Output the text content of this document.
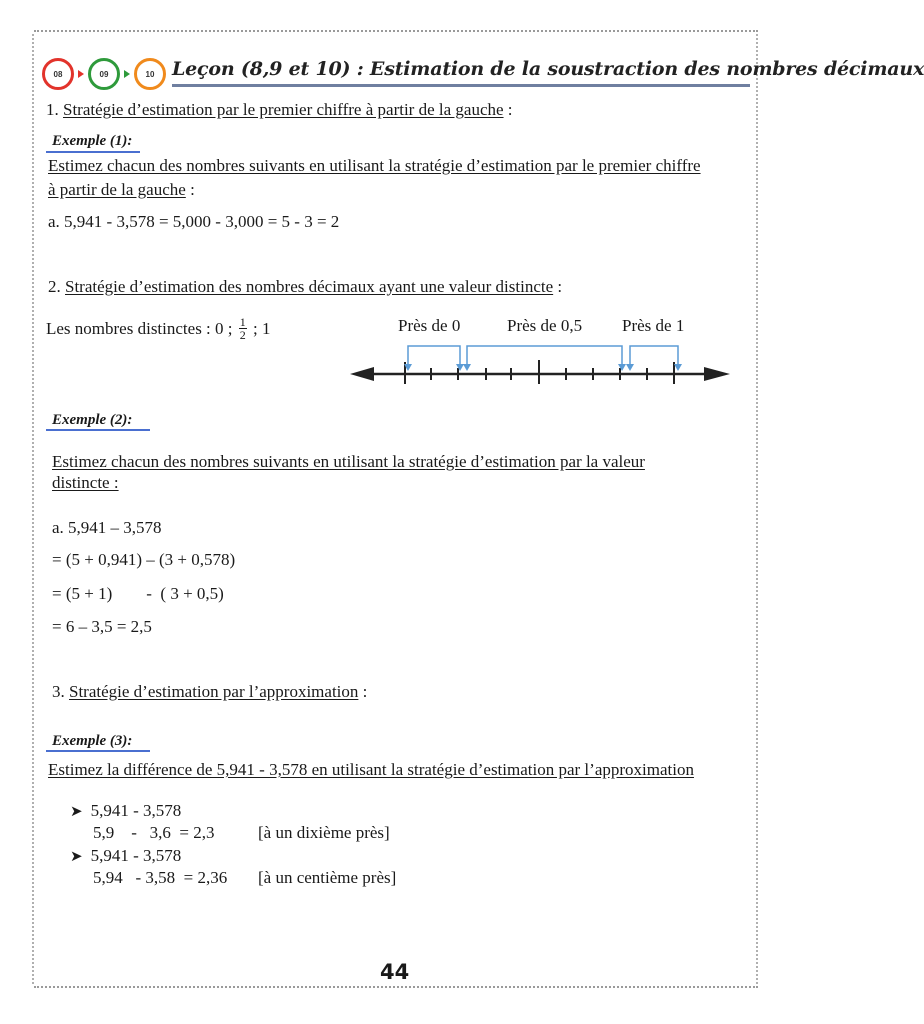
08	09	10 Leçon (8,9 et 10) : Estimation de la soustraction des nombres décimaux
1. Stratégie d’estimation par le premier chiffre à partir de la gauche :
Exemple (1):
Estimez chacun des nombres suivants en utilisant la stratégie d’estimation par le premier chiffre
à partir de la gauche :
a. 5,941 - 3,578 = 5,000 - 3,000 = 5 - 3 = 2
2. Stratégie d’estimation des nombres décimaux ayant une valeur distincte :
Les nombres distinctes : 0 ; 1
2 ; 1	Près de 0	Près de 0,5 Près de 1
Exemple (2):
Estimez chacun des nombres suivants en utilisant la stratégie d’estimation par la valeur
distincte :
a. 5,941 – 3,578
= (5 + 0,941) – (3 + 0,578)
= (5 + 1)        -  ( 3 + 0,5)
= 6 – 3,5 = 2,5
3. Stratégie d’estimation par l’approximation :
Exemple (3):
Estimez la différence de 5,941 - 3,578 en utilisant la stratégie d’estimation par l’approximation
➤ 5,941 - 3,578
5,9    -   3,6  = 2,3	[à un dixième près]
➤ 5,941 - 3,578
5,94   - 3,58  = 2,36 [à un centième près]
44
